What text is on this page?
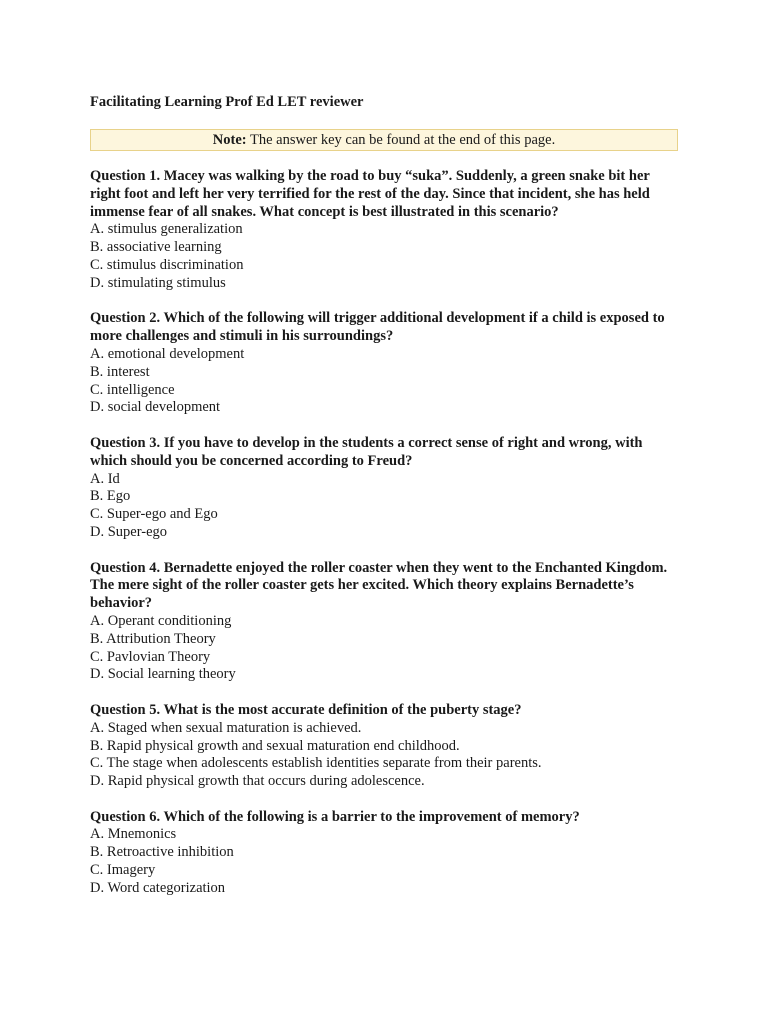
Facilitating Learning Prof Ed LET reviewer

Note: The answer key can be found at the end of this page.

Question 1. Macey was walking by the road to buy “suka”. Suddenly, a green snake bit her right foot and left her very terrified for the rest of the day. Since that incident, she has held immense fear of all snakes. What concept is best illustrated in this scenario?

A. stimulus generalization
B. associative learning
C. stimulus discrimination
D. stimulating stimulus

Question 2. Which of the following will trigger additional development if a child is exposed to more challenges and stimuli in his surroundings?

A. emotional development
B. interest
C. intelligence
D. social development

Question 3. If you have to develop in the students a correct sense of right and wrong, with which should you be concerned according to Freud?

A. Id
B. Ego
C. Super-ego and Ego
D. Super-ego

Question 4. Bernadette enjoyed the roller coaster when they went to the Enchanted Kingdom. The mere sight of the roller coaster gets her excited. Which theory explains Bernadette’s behavior?

A. Operant conditioning
B. Attribution Theory
C. Pavlovian Theory
D. Social learning theory

Question 5. What is the most accurate definition of the puberty stage?

A. Staged when sexual maturation is achieved.
B. Rapid physical growth and sexual maturation end childhood.
C. The stage when adolescents establish identities separate from their parents.
D. Rapid physical growth that occurs during adolescence.

Question 6. Which of the following is a barrier to the improvement of memory?

A. Mnemonics
B. Retroactive inhibition
C. Imagery
D. Word categorization
